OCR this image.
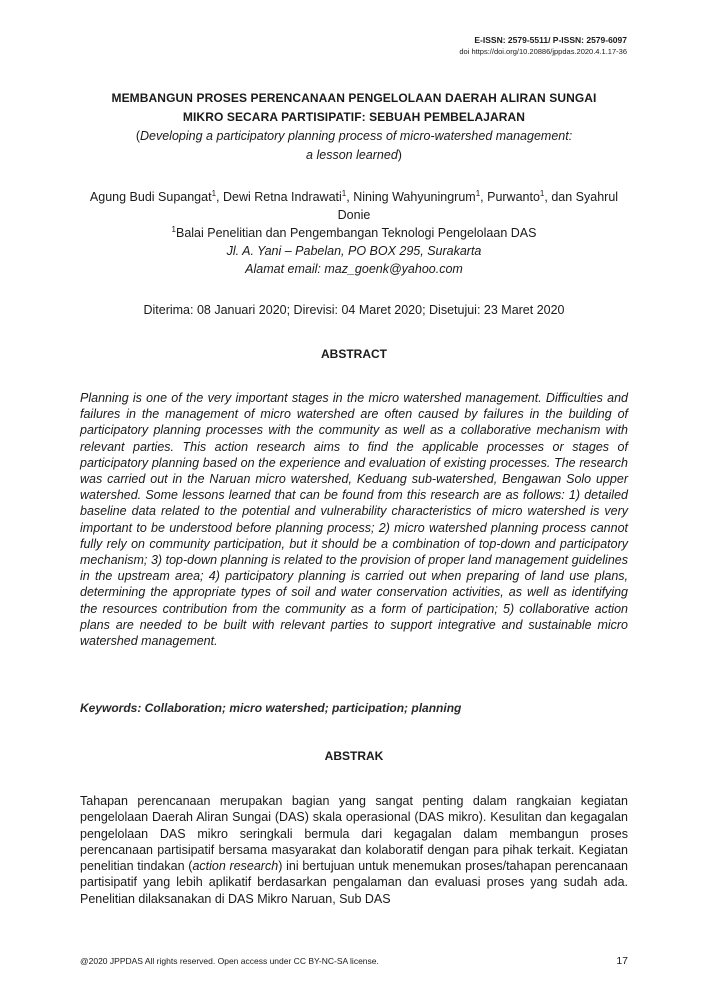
E-ISSN: 2579-5511/ P-ISSN: 2579-6097
doi https://doi.org/10.20886/jppdas.2020.4.1.17-36
MEMBANGUN PROSES PERENCANAAN PENGELOLAAN DAERAH ALIRAN SUNGAI
MIKRO SECARA PARTISIPATIF: SEBUAH PEMBELAJARAN
(Developing a participatory planning process of micro-watershed management:
a lesson learned)
Agung Budi Supangat$^1$, Dewi Retna Indrawati$^1$, Nining Wahyuningrum$^1$, Purwanto$^1$, dan Syahrul Donie
$^1$Balai Penelitian dan Pengembangan Teknologi Pengelolaan DAS
Jl. A. Yani – Pabelan, PO BOX 295, Surakarta
Alamat email: maz_goenk@yahoo.com
Diterima: 08 Januari 2020; Direvisi: 04 Maret 2020; Disetujui: 23 Maret 2020
ABSTRACT
Planning is one of the very important stages in the micro watershed management. Difficulties and failures in the management of micro watershed are often caused by failures in the building of participatory planning processes with the community as well as a collaborative mechanism with relevant parties. This action research aims to find the applicable processes or stages of participatory planning based on the experience and evaluation of existing processes. The research was carried out in the Naruan micro watershed, Keduang sub-watershed, Bengawan Solo upper watershed. Some lessons learned that can be found from this research are as follows: 1) detailed baseline data related to the potential and vulnerability characteristics of micro watershed is very important to be understood before planning process; 2) micro watershed planning process cannot fully rely on community participation, but it should be a combination of top-down and participatory mechanism; 3) top-down planning is related to the provision of proper land management guidelines in the upstream area; 4) participatory planning is carried out when preparing of land use plans, determining the appropriate types of soil and water conservation activities, as well as identifying the resources contribution from the community as a form of participation; 5) collaborative action plans are needed to be built with relevant parties to support integrative and sustainable micro watershed management.
Keywords: Collaboration; micro watershed; participation; planning
ABSTRAK
Tahapan perencanaan merupakan bagian yang sangat penting dalam rangkaian kegiatan pengelolaan Daerah Aliran Sungai (DAS) skala operasional (DAS mikro). Kesulitan dan kegagalan pengelolaan DAS mikro seringkali bermula dari kegagalan dalam membangun proses perencanaan partisipatif bersama masyarakat dan kolaboratif dengan para pihak terkait. Kegiatan penelitian tindakan (action research) ini bertujuan untuk menemukan proses/tahapan perencanaan partisipatif yang lebih aplikatif berdasarkan pengalaman dan evaluasi proses yang sudah ada. Penelitian dilaksanakan di DAS Mikro Naruan, Sub DAS
@2020 JPPDAS All rights reserved. Open access under CC BY-NC-SA license.	17
